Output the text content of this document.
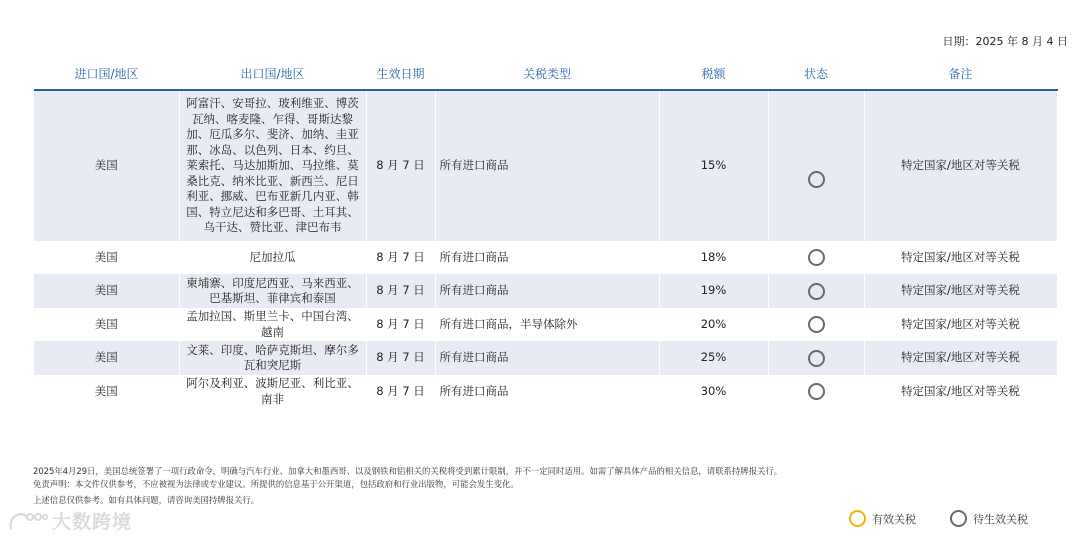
日期：2025 年 8 月 4 日
进口国/地区	出口国/地区	生效日期	关税类型	税额	状态	备注
美国	阿富汗、安哥拉、玻利维亚、博茨瓦纳、喀麦隆、乍得、哥斯达黎加、厄瓜多尔、斐济、加纳、圭亚那、冰岛、以色列、日本、约旦、莱索托、马达加斯加、马拉维、莫桑比克、纳米比亚、新西兰、尼日利亚、挪威、巴布亚新几内亚、韩国、特立尼达和多巴哥、土耳其、乌干达、赞比亚、津巴布韦	8 月 7 日	所有进口商品	15%		特定国家/地区对等关税
美国	尼加拉瓜	8 月 7 日	所有进口商品	18%		特定国家/地区对等关税
美国	柬埔寨、印度尼西亚、马来西亚、巴基斯坦、菲律宾和泰国	8 月 7 日	所有进口商品	19%		特定国家/地区对等关税
美国	孟加拉国、斯里兰卡、中国台湾、越南	8 月 7 日	所有进口商品，半导体除外	20%		特定国家/地区对等关税
美国	文莱、印度、哈萨克斯坦、摩尔多瓦和突尼斯	8 月 7 日	所有进口商品	25%		特定国家/地区对等关税
美国	阿尔及利亚、波斯尼亚、利比亚、南非	8 月 7 日	所有进口商品	30%		特定国家/地区对等关税
2025年4月29日，美国总统签署了一项行政命令，明确与汽车行业、加拿大和墨西哥、以及钢铁和铝相关的关税将受到累计限制，并不一定同时适用。如需了解具体产品的相关信息，请联系持牌报关行。
免责声明：本文件仅供参考，不应被视为法律或专业建议。所提供的信息基于公开渠道，包括政府和行业出版物，可能会发生变化。
上述信息仅供参考。如有具体问题，请咨询美国持牌报关行。
大数跨境	有效关税	待生效关税
